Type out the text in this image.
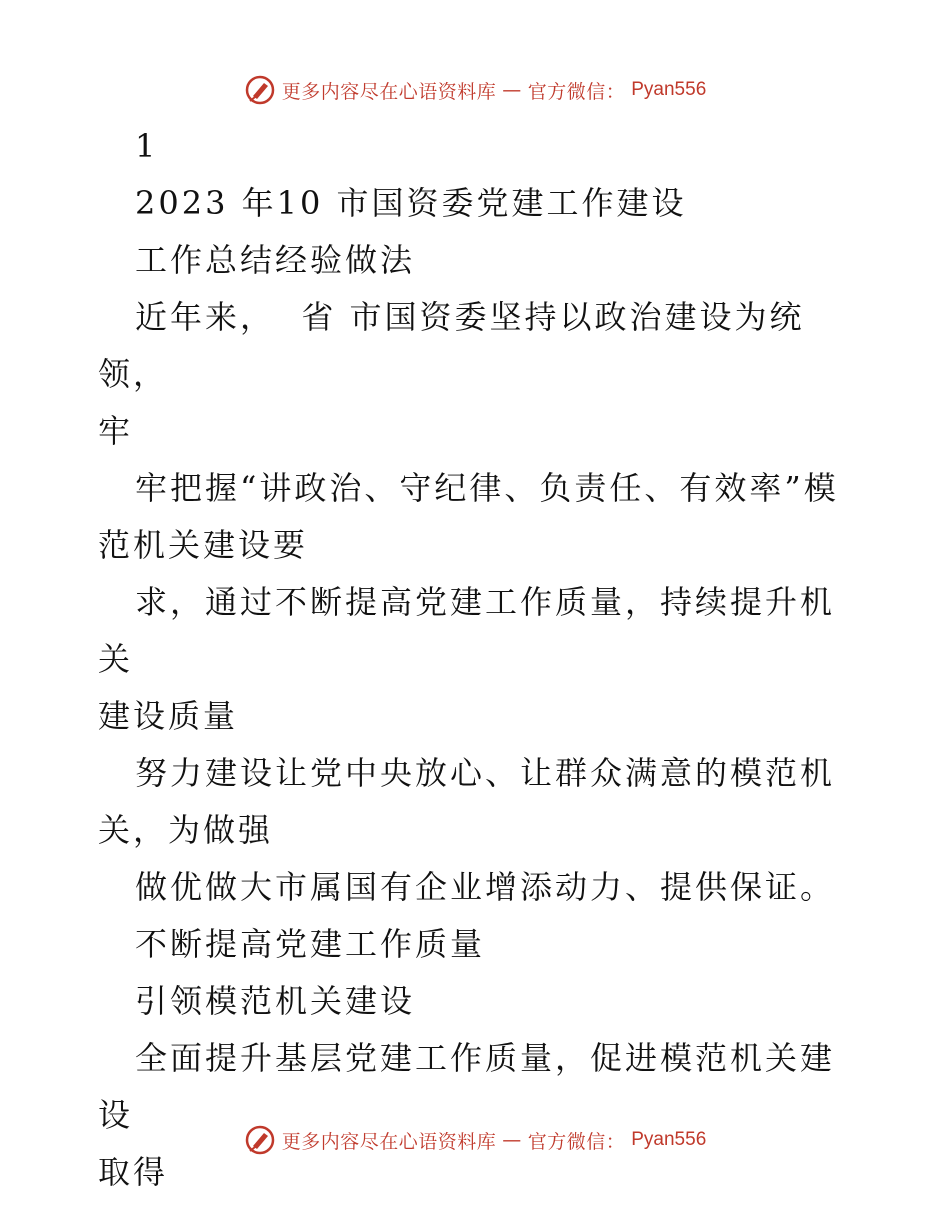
更多内容尽在心语资料库 — 官方微信： Pyan556

1

2023 年10 市国资委党建工作建设

工作总结经验做法

近年来，  省 市国资委坚持以政治建设为统领，

牢

牢把握“讲政治、守纪律、负责任、有效率”模

范机关建设要

求，通过不断提高党建工作质量，持续提升机关

建设质量

努力建设让党中央放心、让群众满意的模范机

关，为做强

做优做大市属国有企业增添动力、提供保证。

不断提高党建工作质量

引领模范机关建设

全面提升基层党建工作质量，促进模范机关建设

取得

更多内容尽在心语资料库 — 官方微信： Pyan556
